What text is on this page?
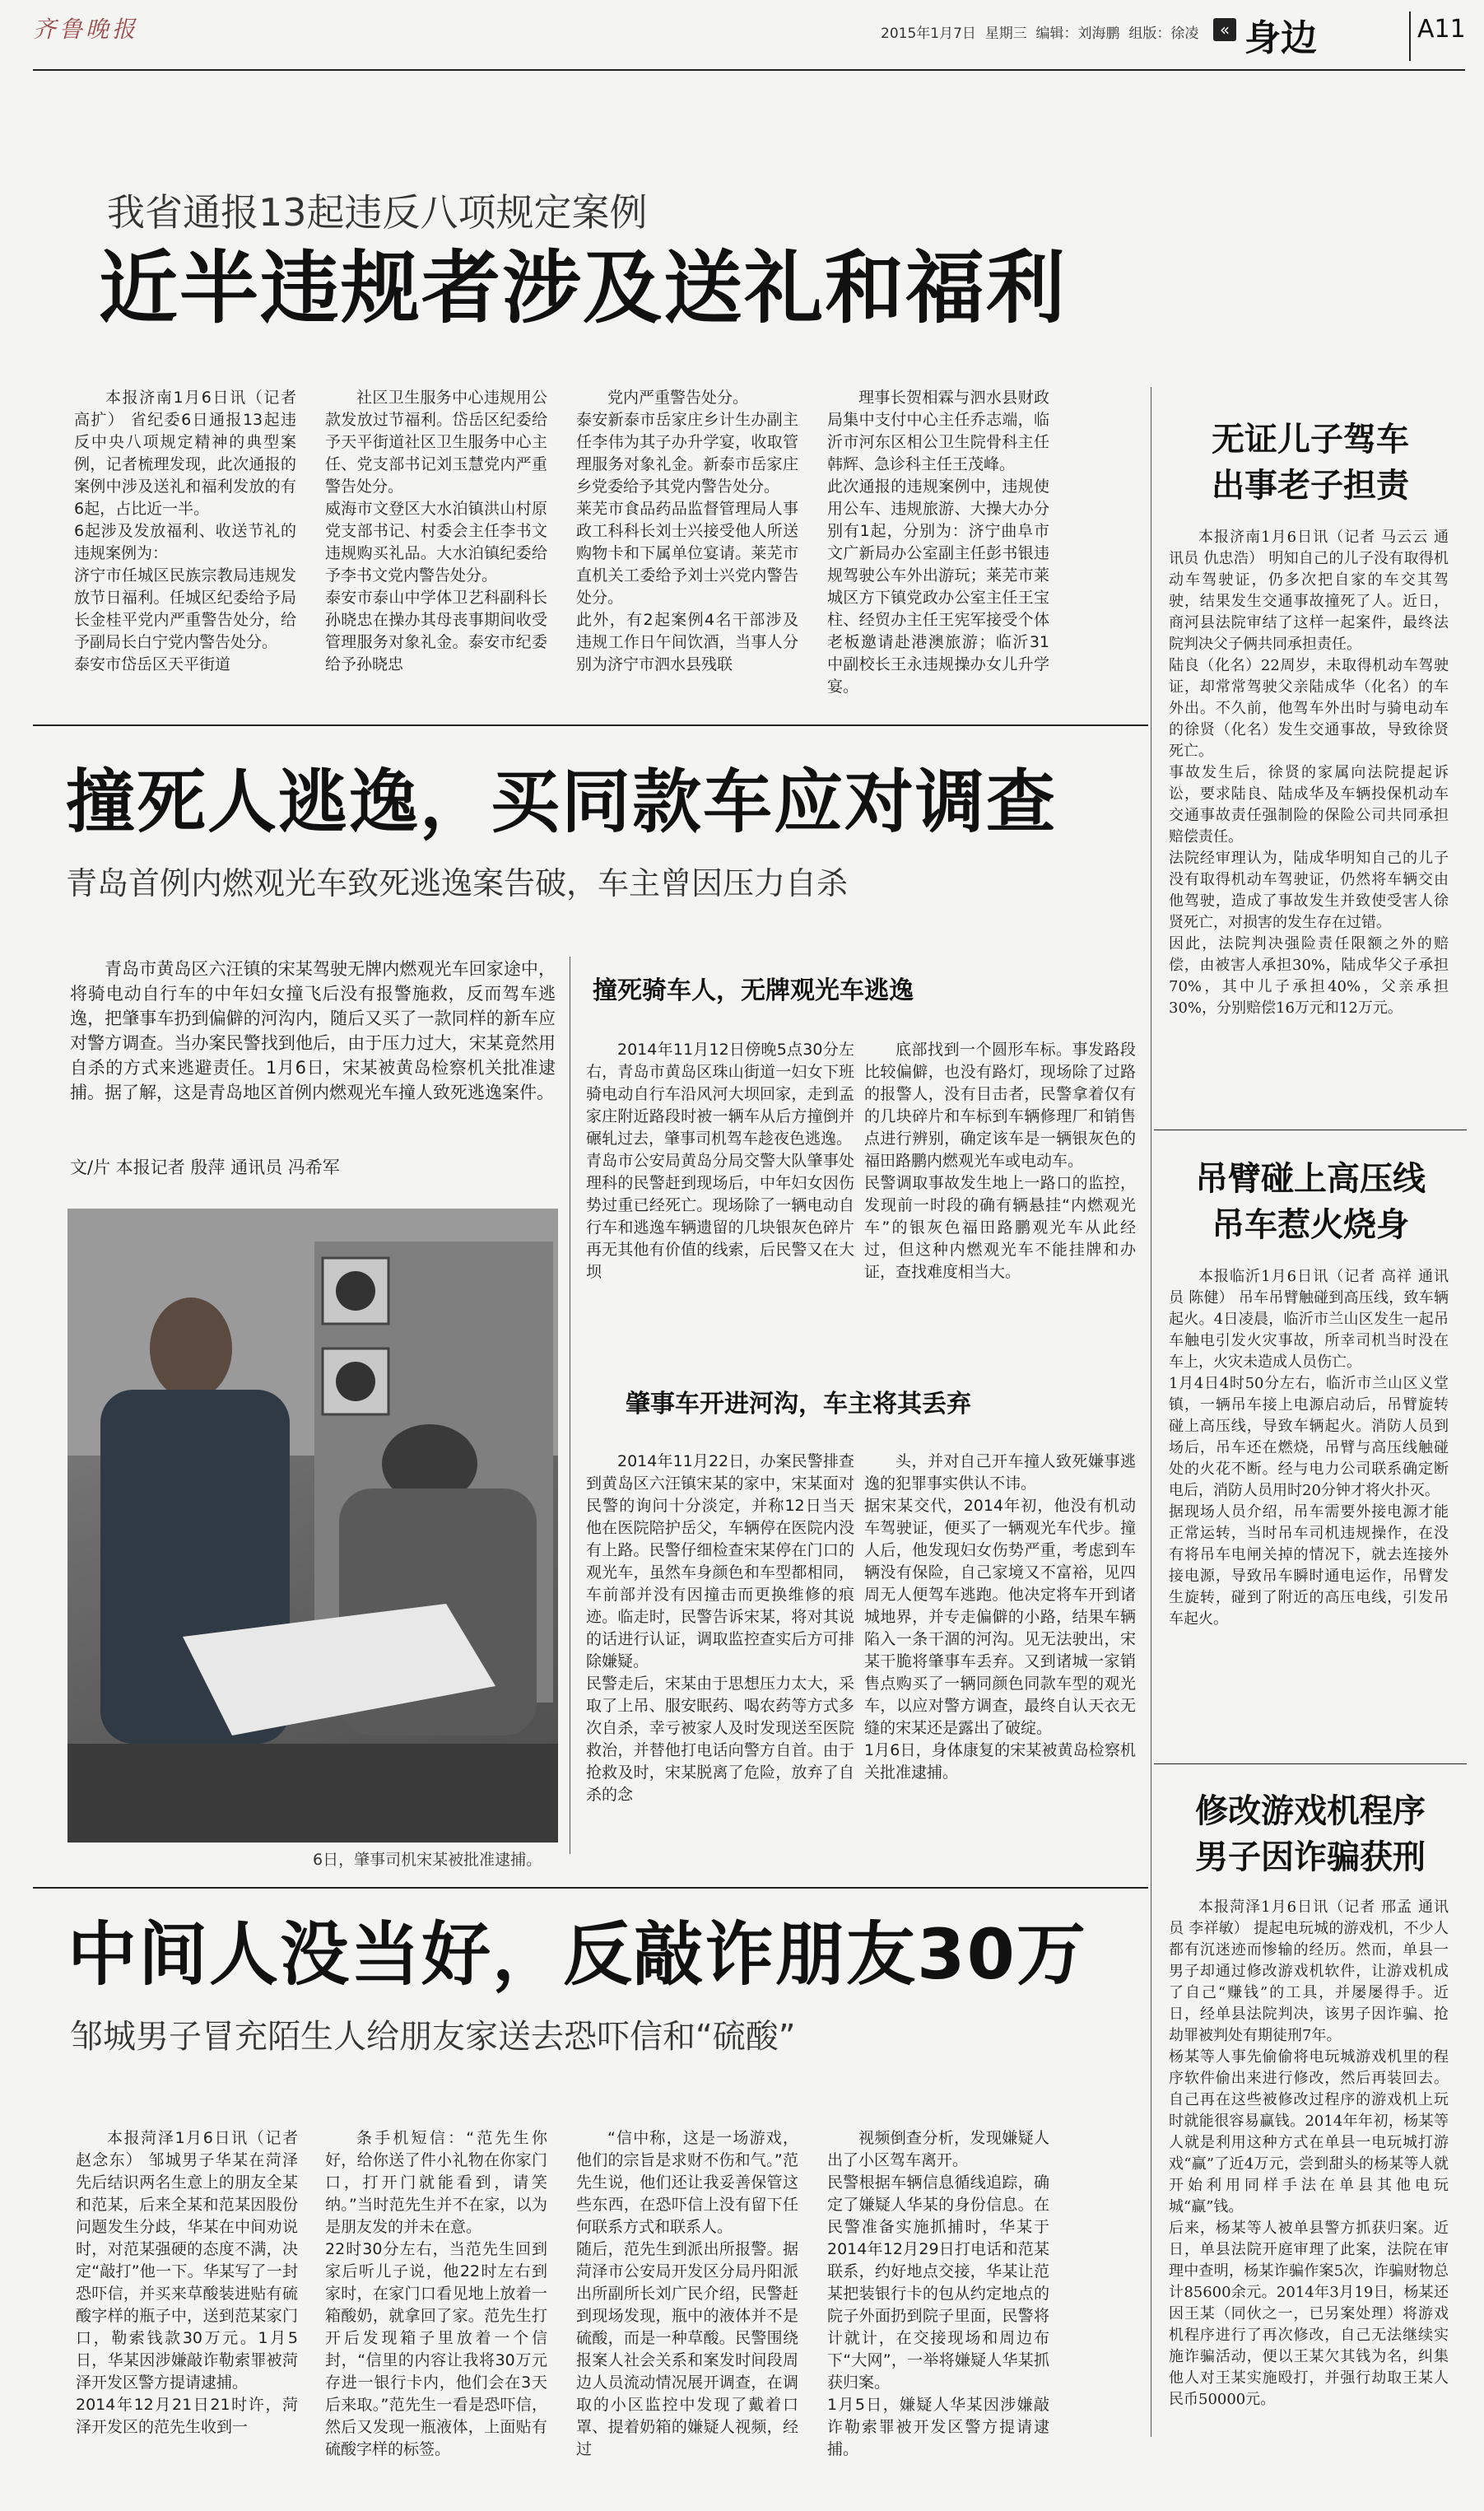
齐鲁晚报	2015年1月7日 星期三 编辑：刘海鹏 组版：徐凌	« 身边	A11
我省通报13起违反八项规定案例
近半违规者涉及送礼和福利
本报济南1月6日讯（记者 高扩） 省纪委6日通报13起违反中央八项规定精神的典型案例，记者梳理发现，此次通报的案例中涉及送礼和福利发放的有6起，占比近一半。
6起涉及发放福利、收送节礼的违规案例为：
济宁市任城区民族宗教局违规发放节日福利。任城区纪委给予局长金桂平党内严重警告处分，给予副局长白宁党内警告处分。
泰安市岱岳区天平街道
社区卫生服务中心违规用公款发放过节福利。岱岳区纪委给予天平街道社区卫生服务中心主任、党支部书记刘玉慧党内严重警告处分。
威海市文登区大水泊镇洪山村原党支部书记、村委会主任李书文违规购买礼品。大水泊镇纪委给予李书文党内警告处分。
泰安市泰山中学体卫艺科副科长孙晓忠在操办其母丧事期间收受管理服务对象礼金。泰安市纪委给予孙晓忠
党内严重警告处分。
泰安新泰市岳家庄乡计生办副主任李伟为其子办升学宴，收取管理服务对象礼金。新泰市岳家庄乡党委给予其党内警告处分。
莱芜市食品药品监督管理局人事政工科科长刘士兴接受他人所送购物卡和下属单位宴请。莱芜市直机关工委给予刘士兴党内警告处分。
此外，有2起案例4名干部涉及违规工作日午间饮酒，当事人分别为济宁市泗水县残联
理事长贺相霖与泗水县财政局集中支付中心主任乔志端，临沂市河东区相公卫生院骨科主任韩辉、急诊科主任王茂峰。
此次通报的违规案例中，违规使用公车、违规旅游、大操大办分别有1起，分别为：济宁曲阜市文广新局办公室副主任彭书银违规驾驶公车外出游玩；莱芜市莱城区方下镇党政办公室主任王宝柱、经贸办主任王宪军接受个体老板邀请赴港澳旅游；临沂31中副校长王永违规操办女儿升学宴。
无证儿子驾车
出事老子担责
本报济南1月6日讯（记者 马云云 通讯员 仇忠浩） 明知自己的儿子没有取得机动车驾驶证，仍多次把自家的车交其驾驶，结果发生交通事故撞死了人。近日，商河县法院审结了这样一起案件，最终法院判决父子俩共同承担责任。
陆良（化名）22周岁，未取得机动车驾驶证，却常常驾驶父亲陆成华（化名）的车外出。不久前，他驾车外出时与骑电动车的徐贤（化名）发生交通事故，导致徐贤死亡。
事故发生后，徐贤的家属向法院提起诉讼，要求陆良、陆成华及车辆投保机动车交通事故责任强制险的保险公司共同承担赔偿责任。
法院经审理认为，陆成华明知自己的儿子没有取得机动车驾驶证，仍然将车辆交由他驾驶，造成了事故发生并致使受害人徐贤死亡，对损害的发生存在过错。
因此，法院判决强险责任限额之外的赔偿，由被害人承担30%，陆成华父子承担70%，其中儿子承担40%，父亲承担30%，分别赔偿16万元和12万元。
撞死人逃逸，买同款车应对调查
青岛首例内燃观光车致死逃逸案告破，车主曾因压力自杀
青岛市黄岛区六汪镇的宋某驾驶无牌内燃观光车回家途中，将骑电动自行车的中年妇女撞飞后没有报警施救，反而驾车逃逸，把肇事车扔到偏僻的河沟内，随后又买了一款同样的新车应对警方调查。当办案民警找到他后，由于压力过大，宋某竟然用自杀的方式来逃避责任。1月6日，宋某被黄岛检察机关批准逮捕。据了解，这是青岛地区首例内燃观光车撞人致死逃逸案件。
文/片 本报记者 殷萍 通讯员 冯希军
6日，肇事司机宋某被批准逮捕。
撞死骑车人，无牌观光车逃逸
2014年11月12日傍晚5点30分左右，青岛市黄岛区珠山街道一妇女下班骑电动自行车沿风河大坝回家，走到孟家庄附近路段时被一辆车从后方撞倒并碾轧过去，肇事司机驾车趁夜色逃逸。
青岛市公安局黄岛分局交警大队肇事处理科的民警赶到现场后，中年妇女因伤势过重已经死亡。现场除了一辆电动自行车和逃逸车辆遗留的几块银灰色碎片再无其他有价值的线索，后民警又在大坝
底部找到一个圆形车标。事发路段比较偏僻，也没有路灯，现场除了过路的报警人，没有目击者，民警拿着仅有的几块碎片和车标到车辆修理厂和销售点进行辨别，确定该车是一辆银灰色的福田路鹏内燃观光车或电动车。
民警调取事故发生地上一路口的监控，发现前一时段的确有辆悬挂“内燃观光车”的银灰色福田路鹏观光车从此经过，但这种内燃观光车不能挂牌和办证，查找难度相当大。
肇事车开进河沟，车主将其丢弃
2014年11月22日，办案民警排查到黄岛区六汪镇宋某的家中，宋某面对民警的询问十分淡定，并称12日当天他在医院陪护岳父，车辆停在医院内没有上路。民警仔细检查宋某停在门口的观光车，虽然车身颜色和车型都相同，车前部并没有因撞击而更换维修的痕迹。临走时，民警告诉宋某，将对其说的话进行认证，调取监控查实后方可排除嫌疑。
民警走后，宋某由于思想压力太大，采取了上吊、服安眠药、喝农药等方式多次自杀，幸亏被家人及时发现送至医院救治，并替他打电话向警方自首。由于抢救及时，宋某脱离了危险，放弃了自杀的念
头，并对自己开车撞人致死嫌事逃逸的犯罪事实供认不讳。
据宋某交代，2014年初，他没有机动车驾驶证，便买了一辆观光车代步。撞人后，他发现妇女伤势严重，考虑到车辆没有保险，自己家境又不富裕，见四周无人便驾车逃跑。他决定将车开到诸城地界，并专走偏僻的小路，结果车辆陷入一条干涸的河沟。见无法驶出，宋某干脆将肇事车丢弃。又到诸城一家销售点购买了一辆同颜色同款车型的观光车，以应对警方调查，最终自认天衣无缝的宋某还是露出了破绽。
1月6日，身体康复的宋某被黄岛检察机关批准逮捕。
吊臂碰上高压线
吊车惹火烧身
本报临沂1月6日讯（记者 高祥 通讯员 陈健） 吊车吊臂触碰到高压线，致车辆起火。4日凌晨，临沂市兰山区发生一起吊车触电引发火灾事故，所幸司机当时没在车上，火灾未造成人员伤亡。
1月4日4时50分左右，临沂市兰山区义堂镇，一辆吊车接上电源启动后，吊臂旋转碰上高压线，导致车辆起火。消防人员到场后，吊车还在燃烧，吊臂与高压线触碰处的火花不断。经与电力公司联系确定断电后，消防人员用时20分钟才将火扑灭。
据现场人员介绍，吊车需要外接电源才能正常运转，当时吊车司机违规操作，在没有将吊车电闸关掉的情况下，就去连接外接电源，导致吊车瞬时通电运作，吊臂发生旋转，碰到了附近的高压电线，引发吊车起火。
修改游戏机程序
男子因诈骗获刑
本报菏泽1月6日讯（记者 邢孟 通讯员 李祥敏） 提起电玩城的游戏机，不少人都有沉迷迹而惨输的经历。然而，单县一男子却通过修改游戏机软件，让游戏机成了自己“赚钱”的工具，并屡屡得手。近日，经单县法院判决，该男子因诈骗、抢劫罪被判处有期徒刑7年。
杨某等人事先偷偷将电玩城游戏机里的程序软件偷出来进行修改，然后再装回去。自己再在这些被修改过程序的游戏机上玩时就能很容易赢钱。2014年年初，杨某等人就是利用这种方式在单县一电玩城打游戏“赢”了近4万元，尝到甜头的杨某等人就开始利用同样手法在单县其他电玩城“赢”钱。
后来，杨某等人被单县警方抓获归案。近日，单县法院开庭审理了此案，法院在审理中查明，杨某诈骗作案5次，诈骗财物总计85600余元。2014年3月19日，杨某还因王某（同伙之一，已另案处理）将游戏机程序进行了再次修改，自己无法继续实施诈骗活动，便以王某欠其钱为名，纠集他人对王某实施殴打，并强行劫取王某人民币50000元。
中间人没当好，反敲诈朋友30万
邹城男子冒充陌生人给朋友家送去恐吓信和“硫酸”
本报菏泽1月6日讯（记者 赵念东） 邹城男子华某在菏泽先后结识两名生意上的朋友全某和范某，后来全某和范某因股份问题发生分歧，华某在中间劝说时，对范某强硬的态度不满，决定“敲打”他一下。华某写了一封恐吓信，并买来草酸装进贴有硫酸字样的瓶子中，送到范某家门口，勒索钱款30万元。1月5日，华某因涉嫌敲诈勒索罪被菏泽开发区警方提请逮捕。
2014年12月21日21时许，菏泽开发区的范先生收到一
条手机短信：“范先生你好，给你送了件小礼物在你家门口，打开门就能看到，请笑纳。”当时范先生并不在家，以为是朋友发的并未在意。
22时30分左右，当范先生回到家后听儿子说，他22时左右到家时，在家门口看见地上放着一箱酸奶，就拿回了家。范先生打开后发现箱子里放着一个信封，“信里的内容让我将30万元存进一银行卡内，他们会在3天后来取。”范先生一看是恐吓信，然后又发现一瓶液体，上面贴有硫酸字样的标签。
“信中称，这是一场游戏，他们的宗旨是求财不伤和气。”范先生说，他们还让我妥善保管这些东西，在恐吓信上没有留下任何联系方式和联系人。
随后，范先生到派出所报警。据菏泽市公安局开发区分局丹阳派出所副所长刘广民介绍，民警赶到现场发现，瓶中的液体并不是硫酸，而是一种草酸。民警围绕报案人社会关系和案发时间段周边人员流动情况展开调查，在调取的小区监控中发现了戴着口罩、提着奶箱的嫌疑人视频，经过
视频倒查分析，发现嫌疑人出了小区驾车离开。
民警根据车辆信息循线追踪，确定了嫌疑人华某的身份信息。在民警准备实施抓捕时，华某于2014年12月29日打电话和范某联系，约好地点交接，华某让范某把装银行卡的包从约定地点的院子外面扔到院子里面，民警将计就计，在交接现场和周边布下“大网”，一举将嫌疑人华某抓获归案。
1月5日，嫌疑人华某因涉嫌敲诈勒索罪被开发区警方提请逮捕。
